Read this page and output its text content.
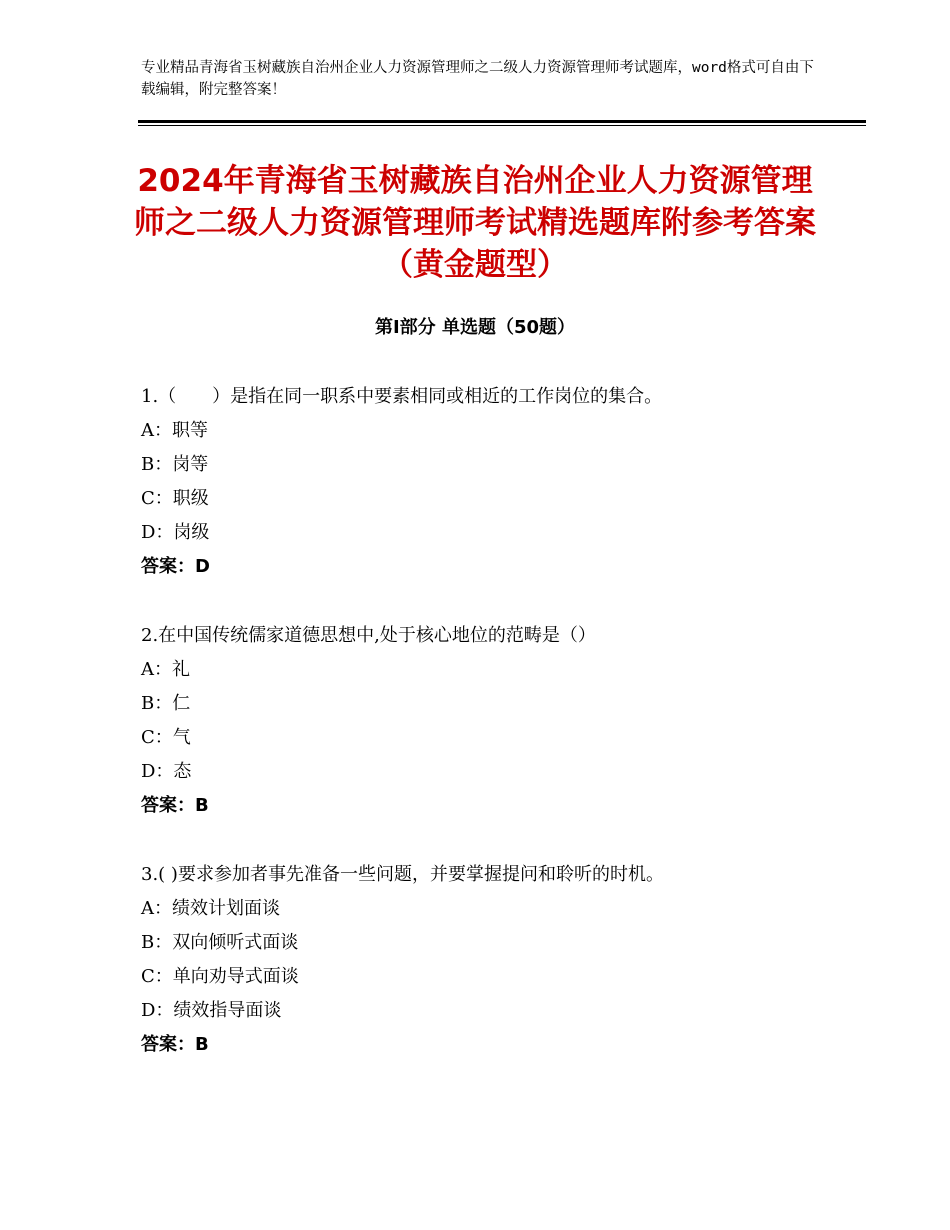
专业精品青海省玉树藏族自治州企业人力资源管理师之二级人力资源管理师考试题库，word格式可自由下载编辑，附完整答案！
2024年青海省玉树藏族自治州企业人力资源管理师之二级人力资源管理师考试精选题库附参考答案（黄金题型）
第Ⅰ部分 单选题（50题）
1.（　　）是指在同一职系中要素相同或相近的工作岗位的集合。
A：职等
B：岗等
C：职级
D：岗级
答案：D
2.在中国传统儒家道德思想中,处于核心地位的范畴是（）
A：礼
B：仁
C：气
D：态
答案：B
3.( )要求参加者事先准备一些问题，并要掌握提问和聆听的时机。
A：绩效计划面谈
B：双向倾听式面谈
C：单向劝导式面谈
D：绩效指导面谈
答案：B
